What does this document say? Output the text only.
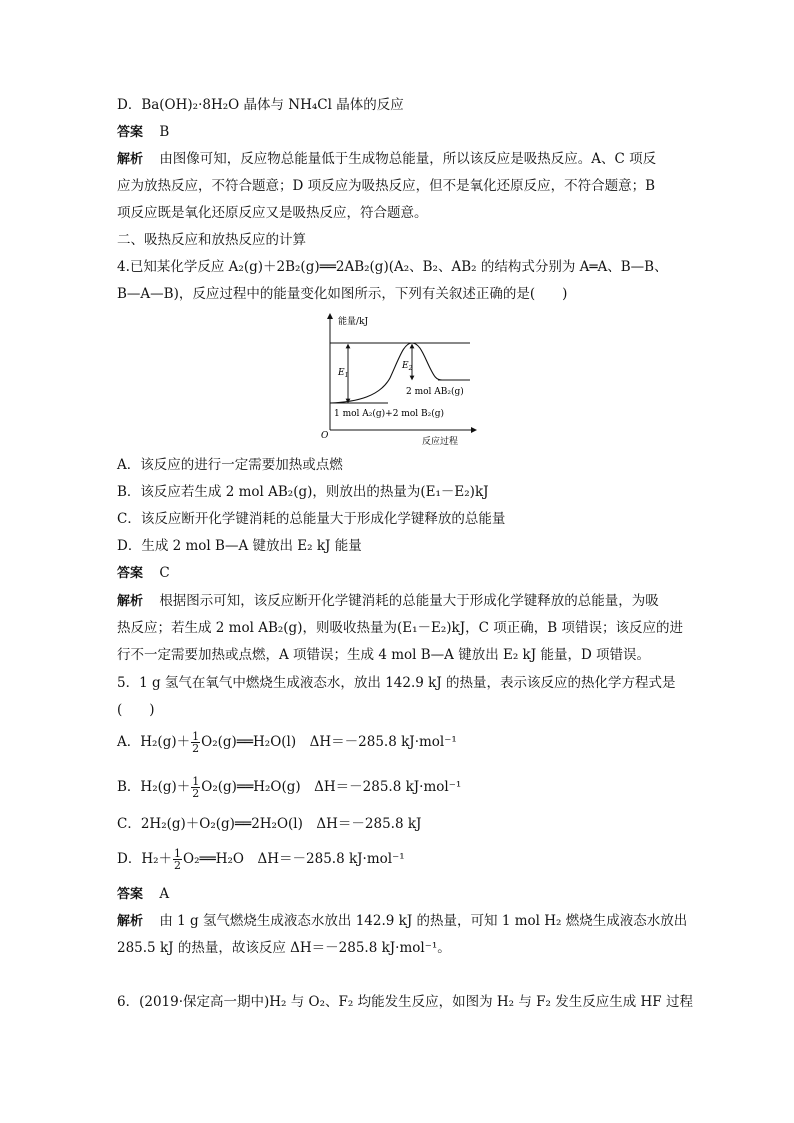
D．Ba(OH)₂·8H₂O 晶体与 NH₄Cl 晶体的反应
答案 B
解析 由图像可知，反应物总能量低于生成物总能量，所以该反应是吸热反应。A、C 项反
应为放热反应，不符合题意；D 项反应为吸热反应，但不是氧化还原反应，不符合题意；B
项反应既是氧化还原反应又是吸热反应，符合题意。
二、吸热反应和放热反应的计算
4.已知某化学反应 A₂(g)＋2B₂(g)══2AB₂(g)(A₂、B₂、AB₂ 的结构式分别为 A═A、B—B、
B—A—B)，反应过程中的能量变化如图所示，下列有关叙述正确的是(　　)
能量/kJ
反应过程
O
$E_1$
$E_2$
2 mol AB₂(g)
1 mol A₂(g)+2 mol B₂(g)
A．该反应的进行一定需要加热或点燃
B．该反应若生成 2 mol AB₂(g)，则放出的热量为(E₁－E₂)kJ
C．该反应断开化学键消耗的总能量大于形成化学键释放的总能量
D．生成 2 mol B—A 键放出 E₂ kJ 能量
答案 C
解析 根据图示可知，该反应断开化学键消耗的总能量大于形成化学键释放的总能量，为吸
热反应；若生成 2 mol AB₂(g)，则吸收热量为(E₁－E₂)kJ，C 项正确，B 项错误；该反应的进
行不一定需要加热或点燃，A 项错误；生成 4 mol B—A 键放出 E₂ kJ 能量，D 项错误。
5．1 g 氢气在氧气中燃烧生成液态水，放出 142.9 kJ 的热量，表示该反应的热化学方程式是
(　　)
A．$H_2(g)+ \frac{1}{2}$ O₂(g)══H₂O(l)　ΔH＝－285.8 kJ·mol⁻¹
B．$H_2(g)+ \frac{1}{2}$ O₂(g)══H₂O(g)　ΔH＝－285.8 kJ·mol⁻¹
C．2H₂(g)＋O₂(g)══2H₂O(l)　ΔH＝－285.8 kJ
D．$H_2+ \frac{1}{2}$ O₂══H₂O　ΔH＝－285.8 kJ·mol⁻¹
答案 A
解析 由 1 g 氢气燃烧生成液态水放出 142.9 kJ 的热量，可知 1 mol H₂ 燃烧生成液态水放出
285.5 kJ 的热量，故该反应 ΔH＝－285.8 kJ·mol⁻¹。
6．(2019·保定高一期中)H₂ 与 O₂、F₂ 均能发生反应，如图为 H₂ 与 F₂ 发生反应生成 HF 过程
